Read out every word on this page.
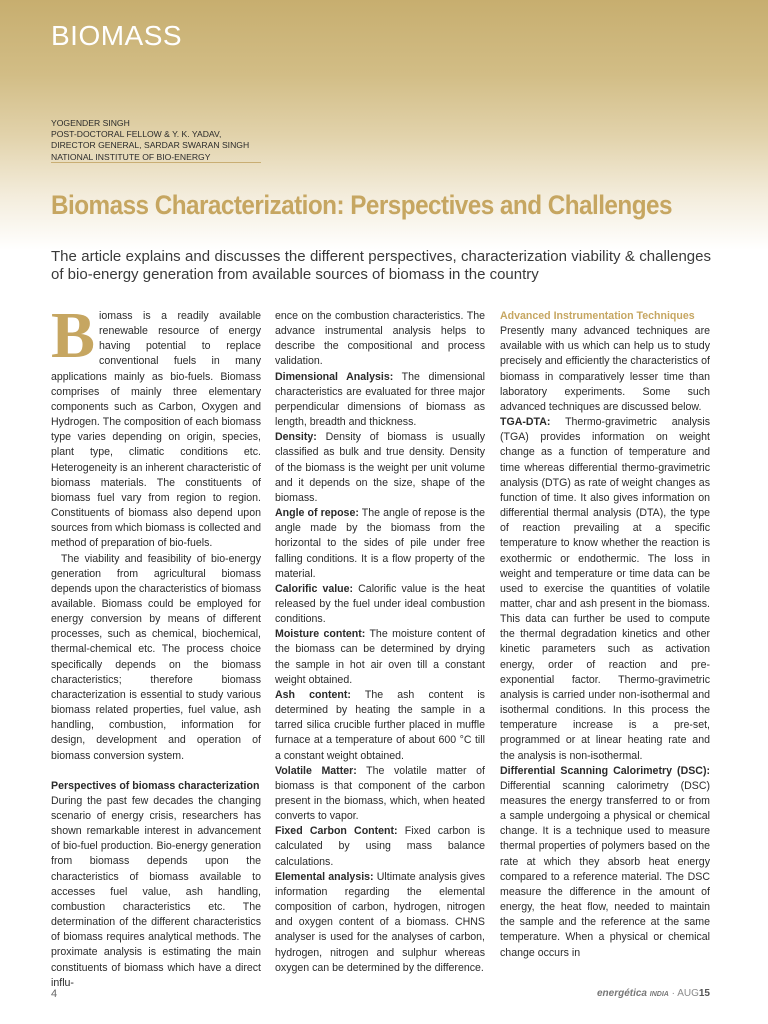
BIOMASS
YOGENDER SINGH
POST-DOCTORAL FELLOW & Y. K. YADAV,
DIRECTOR GENERAL, SARDAR SWARAN SINGH
NATIONAL INSTITUTE OF BIO-ENERGY
Biomass Characterization: Perspectives and Challenges
The article explains and discusses the different perspectives, characterization viability & challenges of bio-energy generation from available sources of biomass in the country

Biomass is a readily available renewable resource of energy having potential to replace conventional fuels in many applications mainly as bio-fuels. Biomass comprises of mainly three elementary components such as Carbon, Oxygen and Hydrogen. The composition of each biomass type varies depending on origin, species, plant type, climatic conditions etc. Heterogeneity is an inherent characteristic of biomass materials. The constituents of biomass fuel vary from region to region. Constituents of biomass also depend upon sources from which biomass is collected and method of preparation of bio-fuels.

The viability and feasibility of bio-energy generation from agricultural biomass depends upon the characteristics of biomass available. Biomass could be employed for energy conversion by means of different processes, such as chemical, biochemical, thermal-chemical etc. The process choice specifically depends on the biomass characteristics; therefore biomass characterization is essential to study various biomass related properties, fuel value, ash handling, combustion, information for design, development and operation of biomass conversion system.

Perspectives of biomass characterization

During the past few decades the changing scenario of energy crisis, researchers has shown remarkable interest in advancement of bio-fuel production. Bio-energy generation from biomass depends upon the characteristics of biomass available to accesses fuel value, ash handling, combustion characteristics etc. The determination of the different characteristics of biomass requires analytical methods. The proximate analysis is estimating the main constituents of biomass which have a direct influ-

ence on the combustion characteristics. The advance instrumental analysis helps to describe the compositional and process validation.

Dimensional Analysis: The dimensional characteristics are evaluated for three major perpendicular dimensions of biomass as length, breadth and thickness.

Density: Density of biomass is usually classified as bulk and true density. Density of the biomass is the weight per unit volume and it depends on the size, shape of the biomass.

Angle of repose: The angle of repose is the angle made by the biomass from the horizontal to the sides of pile under free falling conditions. It is a flow property of the material.

Calorific value: Calorific value is the heat released by the fuel under ideal combustion conditions.

Moisture content: The moisture content of the biomass can be determined by drying the sample in hot air oven till a constant weight obtained.

Ash content: The ash content is determined by heating the sample in a tarred silica crucible further placed in muffle furnace at a temperature of about 600 °C till a constant weight obtained.

Volatile Matter: The volatile matter of biomass is that component of the carbon present in the biomass, which, when heated converts to vapor.

Fixed Carbon Content: Fixed carbon is calculated by using mass balance calculations.

Elemental analysis: Ultimate analysis gives information regarding the elemental composition of carbon, hydrogen, nitrogen and oxygen content of a biomass. CHNS analyser is used for the analyses of carbon, hydrogen, nitrogen and sulphur whereas oxygen can be determined by the difference.

Advanced Instrumentation Techniques

Presently many advanced techniques are available with us which can help us to study precisely and efficiently the characteristics of biomass in comparatively lesser time than laboratory experiments. Some such advanced techniques are discussed below.

TGA-DTA: Thermo-gravimetric analysis (TGA) provides information on weight change as a function of temperature and time whereas differential thermo-gravimetric analysis (DTG) as rate of weight changes as function of time. It also gives information on differential thermal analysis (DTA), the type of reaction prevailing at a specific temperature to know whether the reaction is exothermic or endothermic. The loss in weight and temperature or time data can be used to exercise the quantities of volatile matter, char and ash present in the biomass. This data can further be used to compute the thermal degradation kinetics and other kinetic parameters such as activation energy, order of reaction and pre-exponential factor. Thermo-gravimetric analysis is carried under non-isothermal and isothermal conditions. In this process the temperature increase is a pre-set, programmed or at linear heating rate and the analysis is non-isothermal.

Differential Scanning Calorimetry (DSC): Differential scanning calorimetry (DSC) measures the energy transferred to or from a sample undergoing a physical or chemical change. It is a technique used to measure thermal properties of polymers based on the rate at which they absorb heat energy compared to a reference material. The DSC measure the difference in the amount of energy, the heat flow, needed to maintain the sample and the reference at the same temperature. When a physical or chemical change occurs in

4	energética INDIA · AUG15
